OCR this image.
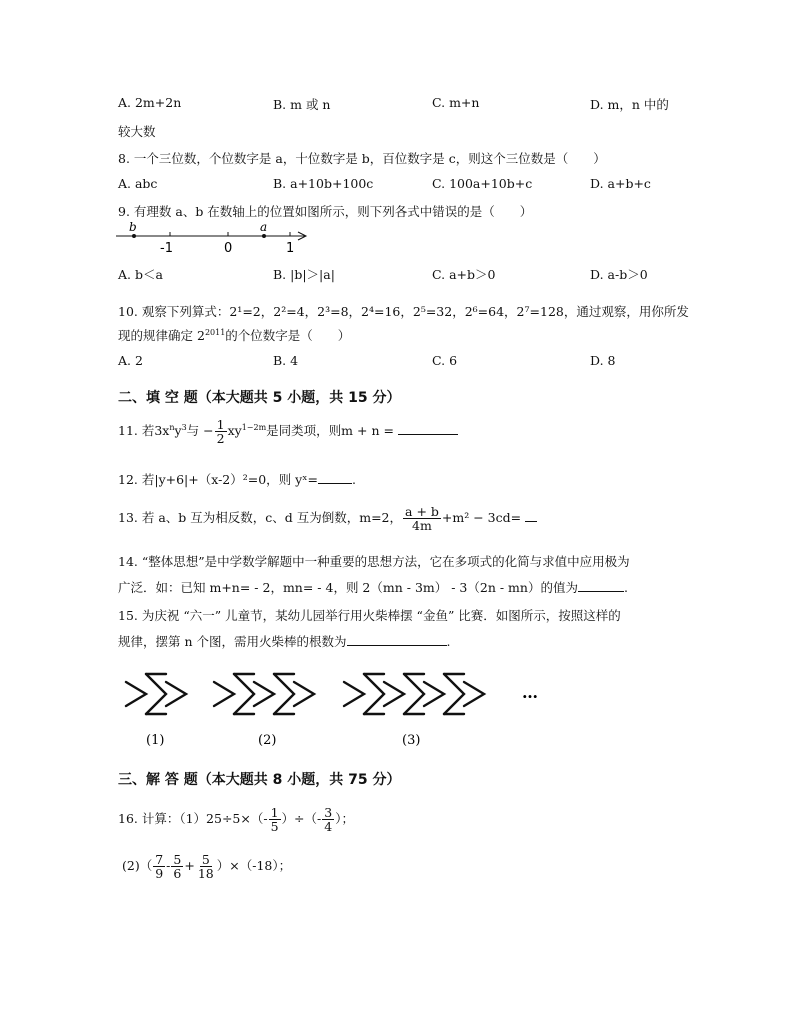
A. 2m+2n	B. m 或 n	C. m+n	D. m，n 中的
较大数
8. 一个三位数，个位数字是 a，十位数字是 b，百位数字是 c，则这个三位数是（　　）
A. abc	B. a+10b+100c	C. 100a+10b+c	D. a+b+c
9. 有理数 a、b 在数轴上的位置如图所示，则下列各式中错误的是（　　）
b	a
-1	0	1
A. b＜a	B. |b|＞|a|	C. a+b＞0	D. a-b＞0
10. 观察下列算式：2¹=2，2²=4，2³=8，2⁴=16，2⁵=32，2⁶=64，2⁷=128，通过观察，用你所发
现的规律确定 $2^{2011}$的个位数字是（　　）
A. 2	B. 4	C. 6	D. 8
二、填 空 题（本大题共 5 小题，共 15 分）
11. 若$3x^ny^3$与 − $\frac{1}{2} xy^{1-2m}$是同类项，则m + n =
12. 若|y+6|+（x-2）²=0，则 yˣ=	.
13. 若 a、b 互为相反数，c、d 互为倒数，m=2， $\frac{a + b}{4m} +m^2 - 3cd=$
14. “整体思想”是中学数学解题中一种重要的思想方法，它在多项式的化简与求值中应用极为
广泛．如：已知 m+n= - 2，mn= - 4，则 2（mn - 3m） - 3（2n - mn）的值为	.
15. 为庆祝 “六一” 儿童节，某幼儿园举行用火柴棒摆 “金鱼” 比赛．如图所示，按照这样的
规律，摆第 n 个图，需用火柴棒的根数为	.
(1)	(2)	(3)
…
三、解 答 题（本大题共 8 小题，共 75 分）
16. 计算：$(1)25\div 5\times(- \frac{1}{5}$ ）÷（- $\frac{3}{4}$ ）；
$(2)( \frac{7}{9} - \frac{5}{6} + \frac{5}{18} )\times(-18)$；
